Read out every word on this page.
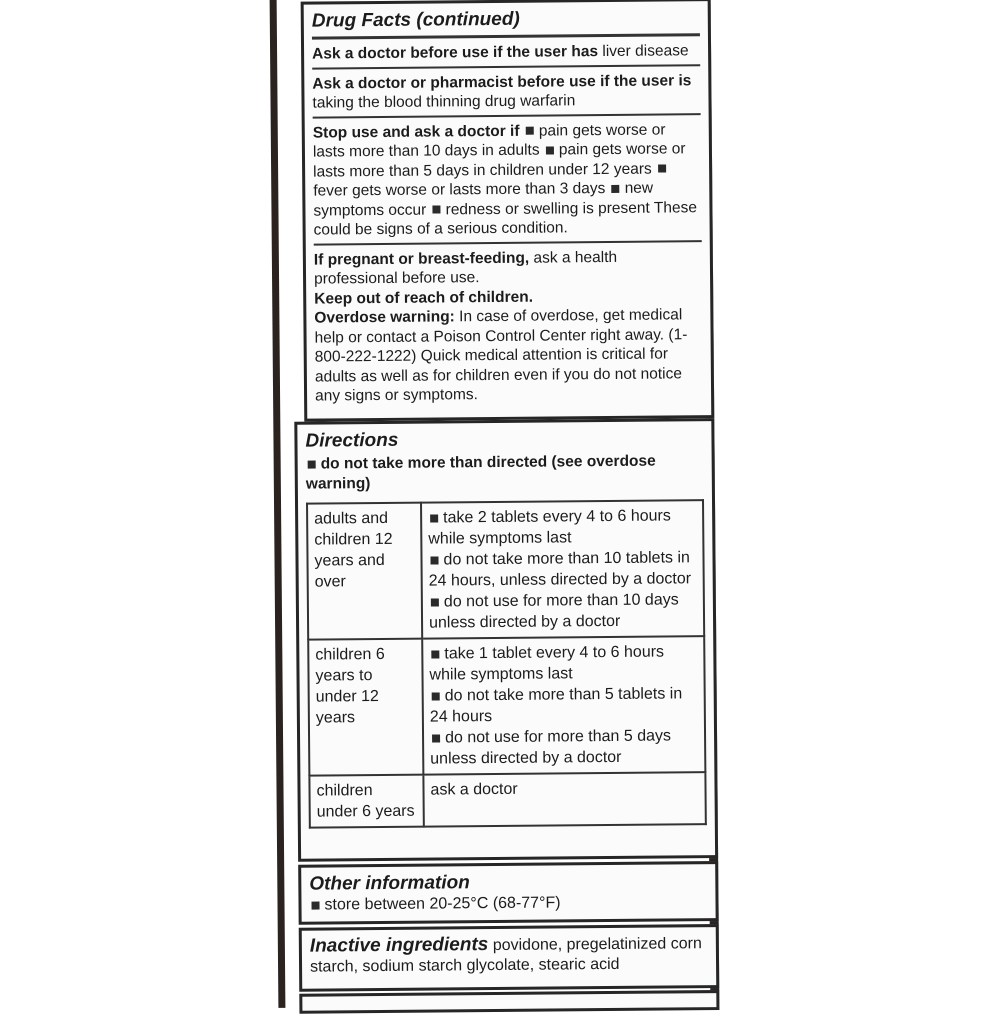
Drug Facts (continued)
Ask a doctor before use if the user has liver disease
Ask a doctor or pharmacist before use if the user is taking the blood thinning drug warfarin
Stop use and ask a doctor if pain gets worse or lasts more than 10 days in adults pain gets worse or lasts more than 5 days in children under 12 years fever gets worse or lasts more than 3 days new symptoms occur redness or swelling is present These could be signs of a serious condition.
If pregnant or breast-feeding, ask a health professional before use.
Keep out of reach of children.
Overdose warning: In case of overdose, get medical help or contact a Poison Control Center right away. (1-800-222-1222) Quick medical attention is critical for adults as well as for children even if you do not notice any signs or symptoms.
Directions
do not take more than directed (see overdose warning)
adults and children 12 years and over	take 2 tablets every 4 to 6 hours while symptoms last
do not take more than 10 tablets in 24 hours, unless directed by a doctor
do not use for more than 10 days unless directed by a doctor

children 6 years to under 12 years	take 1 tablet every 4 to 6 hours while symptoms last
do not take more than 5 tablets in 24 hours
do not use for more than 5 days unless directed by a doctor

children under 6 years	ask a doctor
Other information
store between 20-25°C (68-77°F)
Inactive ingredients povidone, pregelatinized corn starch, sodium starch glycolate, stearic acid
